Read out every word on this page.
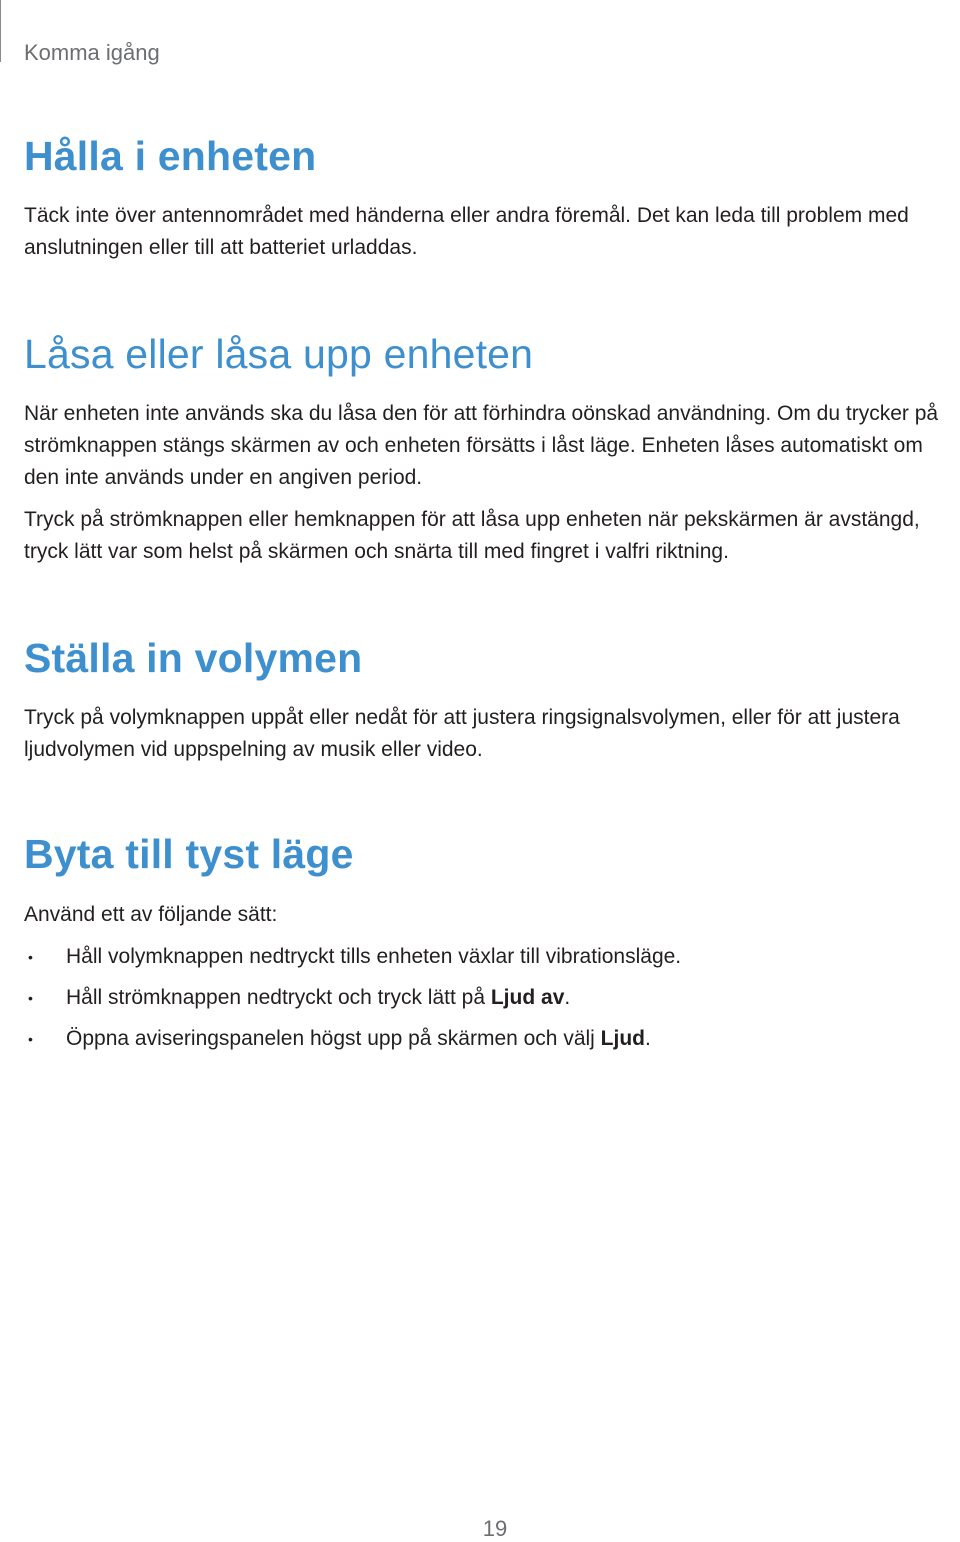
Komma igång
Hålla i enheten

Täck inte över antennområdet med händerna eller andra föremål. Det kan leda till problem med anslutningen eller till att batteriet urladdas.

Låsa eller låsa upp enheten

När enheten inte används ska du låsa den för att förhindra oönskad användning. Om du trycker på strömknappen stängs skärmen av och enheten försätts i låst läge. Enheten låses automatiskt om den inte används under en angiven period.

Tryck på strömknappen eller hemknappen för att låsa upp enheten när pekskärmen är avstängd, tryck lätt var som helst på skärmen och snärta till med fingret i valfri riktning.

Ställa in volymen

Tryck på volymknappen uppåt eller nedåt för att justera ringsignalsvolymen, eller för att justera ljudvolymen vid uppspelning av musik eller video.

Byta till tyst läge

Använd ett av följande sätt:

• Håll volymknappen nedtryckt tills enheten växlar till vibrationsläge.
• Håll strömknappen nedtryckt och tryck lätt på Ljud av.
• Öppna aviseringspanelen högst upp på skärmen och välj Ljud.
19
